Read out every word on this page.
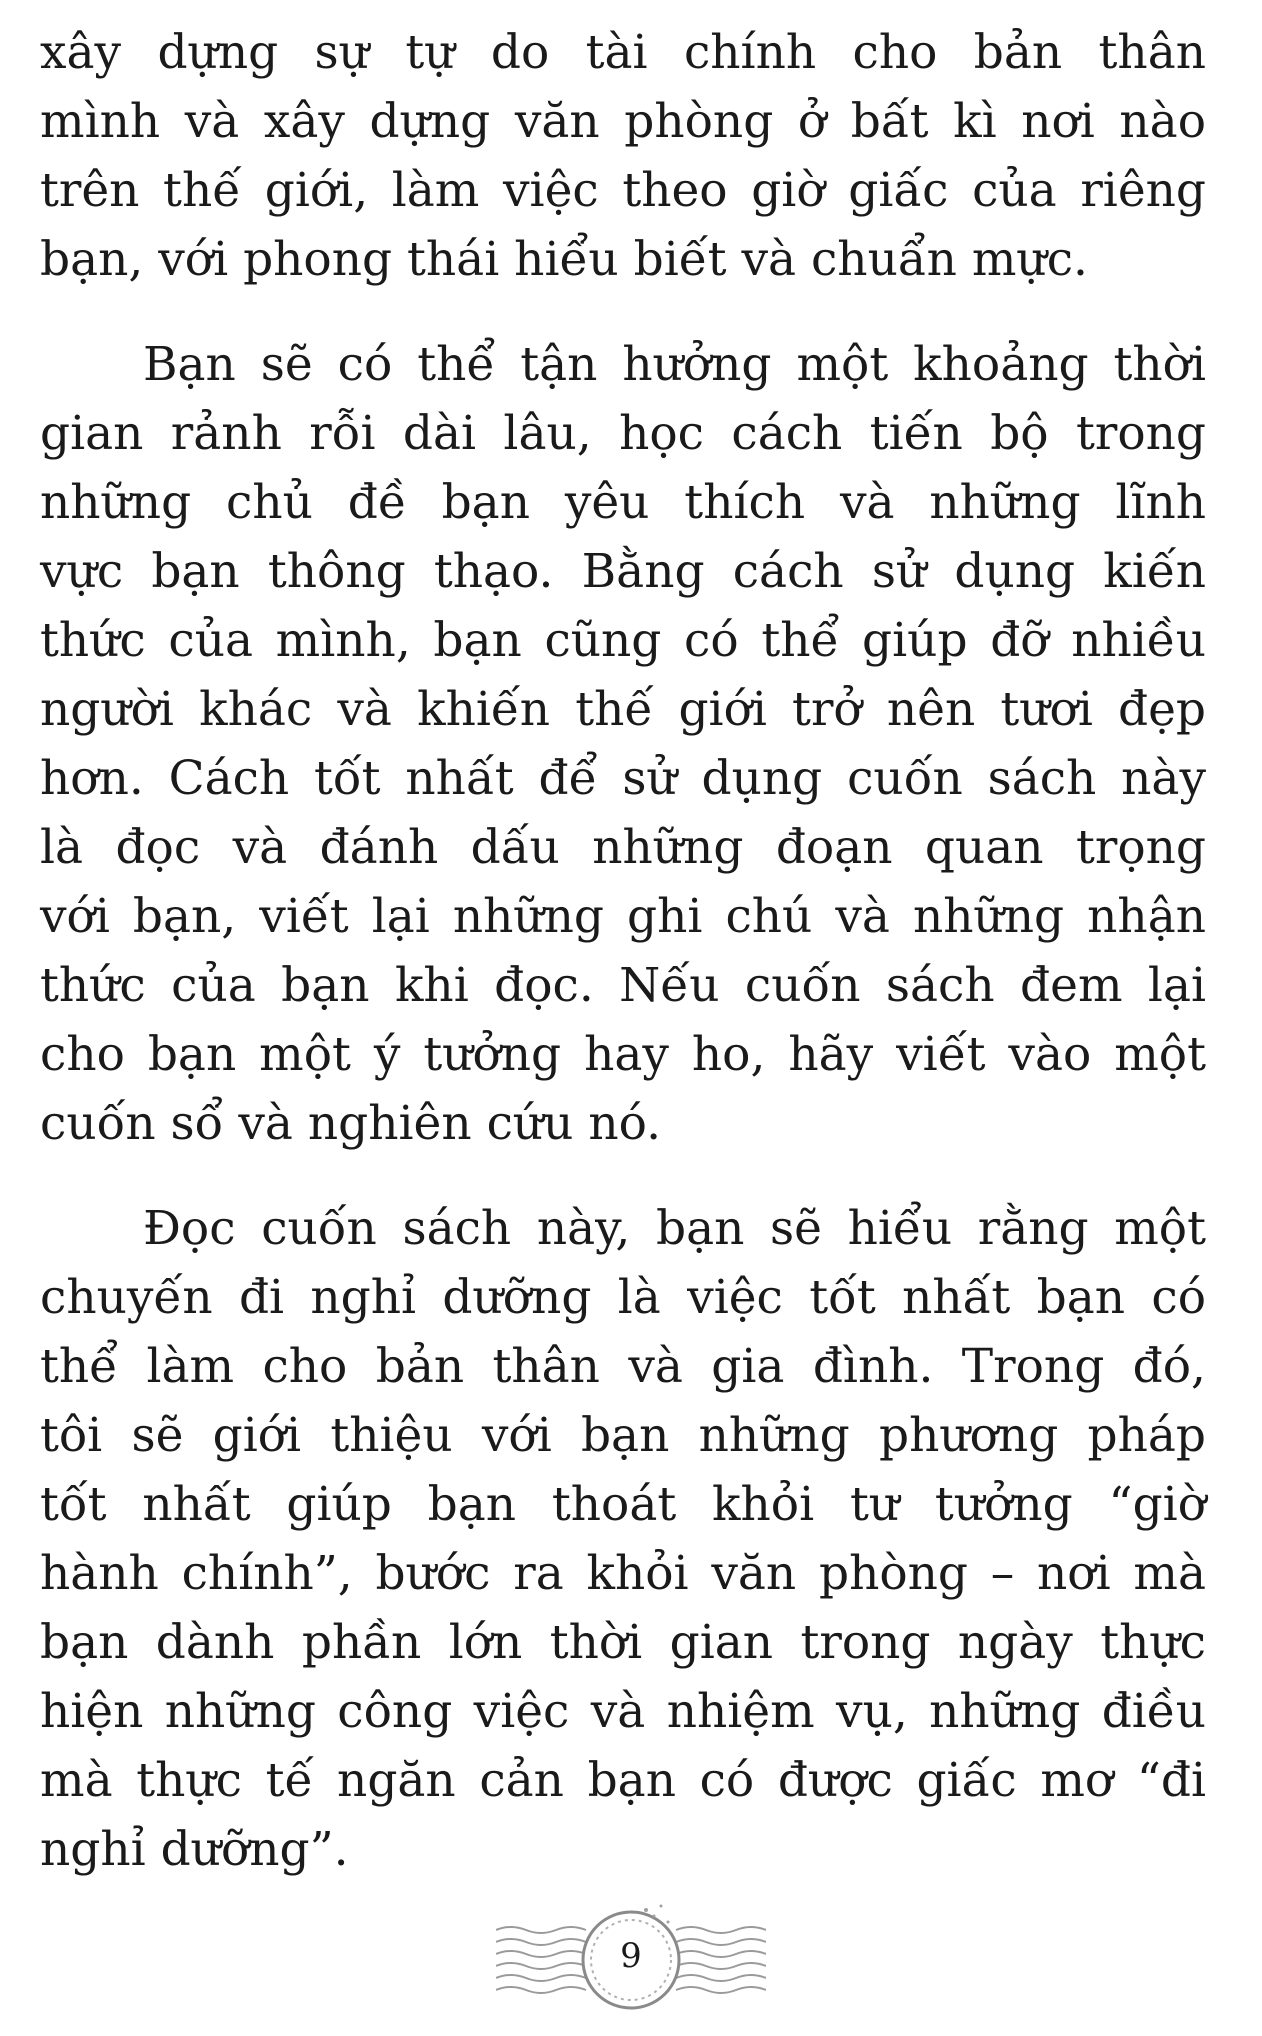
xây dựng sự tự do tài chính cho bản thân
mình và xây dựng văn phòng ở bất kì nơi nào
trên thế giới, làm việc theo giờ giấc của riêng
bạn, với phong thái hiểu biết và chuẩn mực.
Bạn sẽ có thể tận hưởng một khoảng thời
gian rảnh rỗi dài lâu, học cách tiến bộ trong
những chủ đề bạn yêu thích và những lĩnh
vực bạn thông thạo. Bằng cách sử dụng kiến
thức của mình, bạn cũng có thể giúp đỡ nhiều
người khác và khiến thế giới trở nên tươi đẹp
hơn. Cách tốt nhất để sử dụng cuốn sách này
là đọc và đánh dấu những đoạn quan trọng
với bạn, viết lại những ghi chú và những nhận
thức của bạn khi đọc. Nếu cuốn sách đem lại
cho bạn một ý tưởng hay ho, hãy viết vào một
cuốn sổ và nghiên cứu nó.
Đọc cuốn sách này, bạn sẽ hiểu rằng một
chuyến đi nghỉ dưỡng là việc tốt nhất bạn có
thể làm cho bản thân và gia đình. Trong đó,
tôi sẽ giới thiệu với bạn những phương pháp
tốt nhất giúp bạn thoát khỏi tư tưởng “giờ
hành chính”, bước ra khỏi văn phòng – nơi mà
bạn dành phần lớn thời gian trong ngày thực
hiện những công việc và nhiệm vụ, những điều
mà thực tế ngăn cản bạn có được giấc mơ “đi
nghỉ dưỡng”.
9
